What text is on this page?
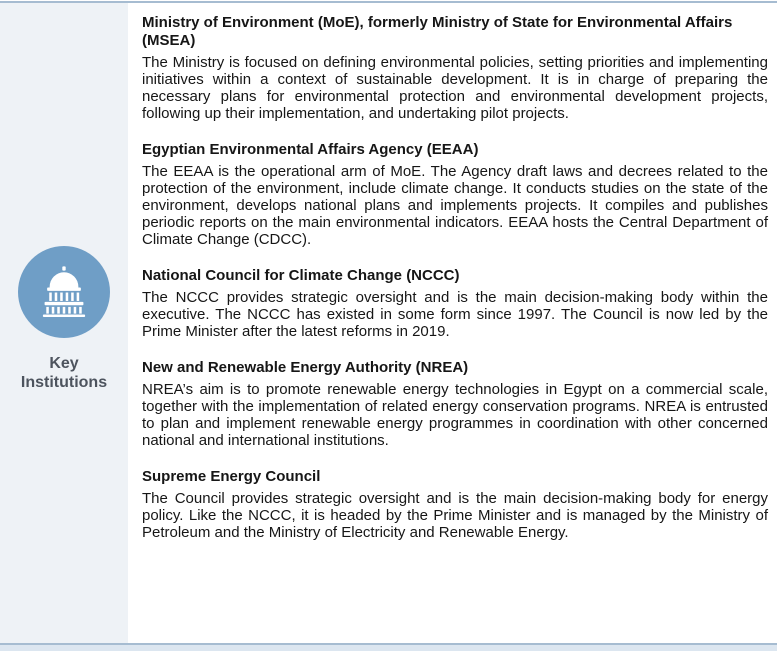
Key
Institutions
Ministry of Environment (MoE), formerly Ministry of State for Environmental Affairs (MSEA)

The Ministry is focused on defining environmental policies, setting priorities and implementing initiatives within a context of sustainable development. It is in charge of preparing the necessary plans for environmental protection and environmental development projects, following up their implementation, and undertaking pilot projects.

Egyptian Environmental Affairs Agency (EEAA)

The EEAA is the operational arm of MoE. The Agency draft laws and decrees related to the protection of the environment, include climate change. It conducts studies on the state of the environment, develops national plans and implements projects. It compiles and publishes periodic reports on the main environmental indicators. EEAA hosts the Central Department of Climate Change (CDCC).

National Council for Climate Change (NCCC)

The NCCC provides strategic oversight and is the main decision-making body within the executive. The NCCC has existed in some form since 1997. The Council is now led by the Prime Minister after the latest reforms in 2019.

New and Renewable Energy Authority (NREA)

NREA’s aim is to promote renewable energy technologies in Egypt on a commercial scale, together with the implementation of related energy conservation programs. NREA is entrusted to plan and implement renewable energy programmes in coordination with other concerned national and international institutions.

Supreme Energy Council

The Council provides strategic oversight and is the main decision-making body for energy policy. Like the NCCC, it is headed by the Prime Minister and is managed by the Ministry of Petroleum and the Ministry of Electricity and Renewable Energy.
